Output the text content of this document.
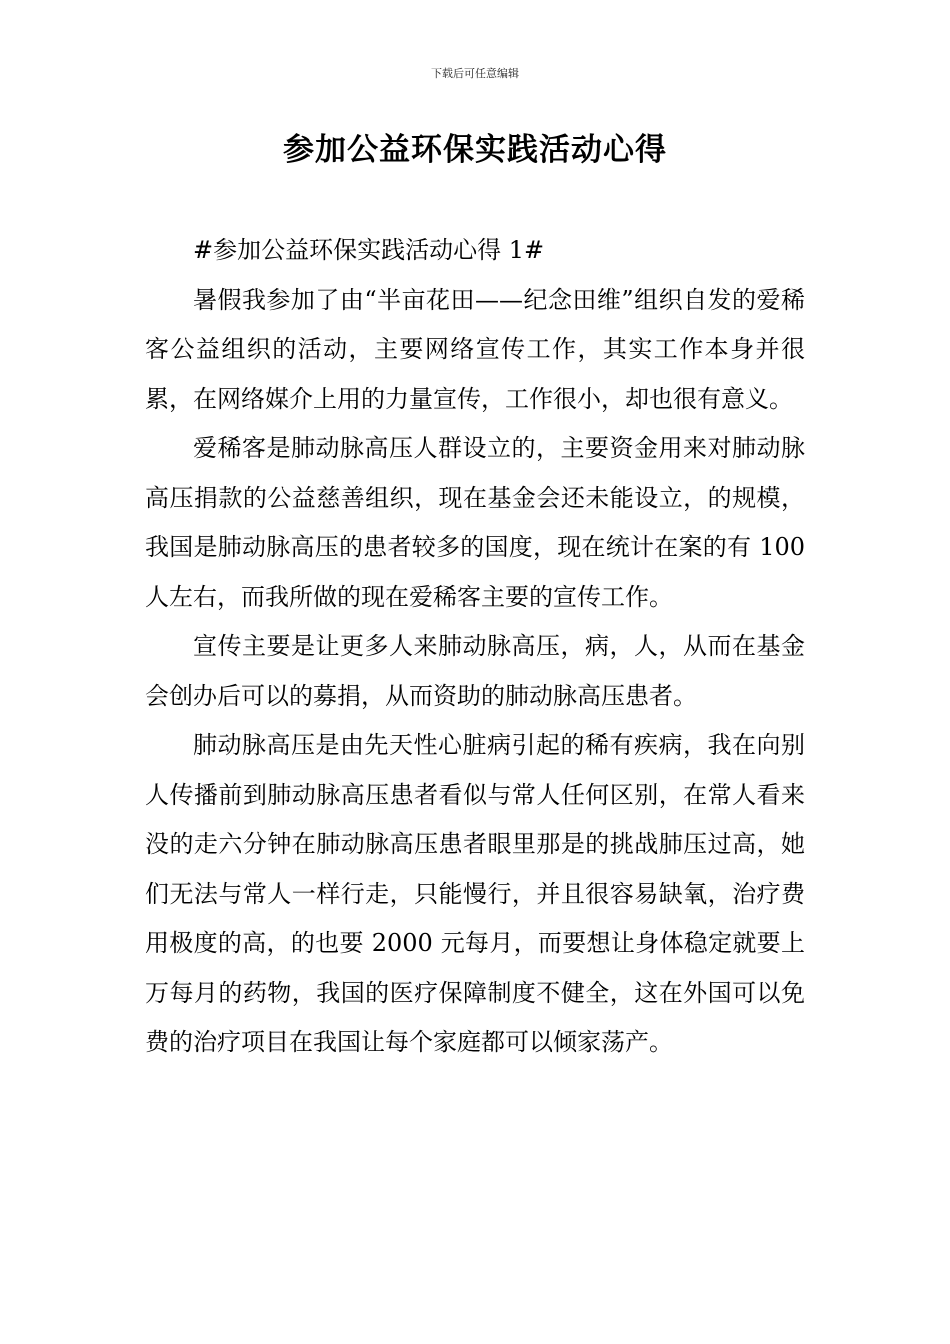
下载后可任意编辑
参加公益环保实践活动心得

#参加公益环保实践活动心得 1#

暑假我参加了由“半亩花田——纪念田维”组织自发的爱稀客公益组织的活动，主要网络宣传工作，其实工作本身并很累，在网络媒介上用的力量宣传，工作很小，却也很有意义。

爱稀客是肺动脉高压人群设立的，主要资金用来对肺动脉高压捐款的公益慈善组织，现在基金会还未能设立，的规模，我国是肺动脉高压的患者较多的国度，现在统计在案的有 100 人左右，而我所做的现在爱稀客主要的宣传工作。

宣传主要是让更多人来肺动脉高压，病，人，从而在基金会创办后可以的募捐，从而资助的肺动脉高压患者。

肺动脉高压是由先天性心脏病引起的稀有疾病，我在向别人传播前到肺动脉高压患者看似与常人任何区别，在常人看来没的走六分钟在肺动脉高压患者眼里那是的挑战肺压过高，她们无法与常人一样行走，只能慢行，并且很容易缺氧，治疗费用极度的高，的也要 2000 元每月，而要想让身体稳定就要上万每月的药物，我国的医疗保障制度不健全，这在外国可以免费的治疗项目在我国让每个家庭都可以倾家荡产。
